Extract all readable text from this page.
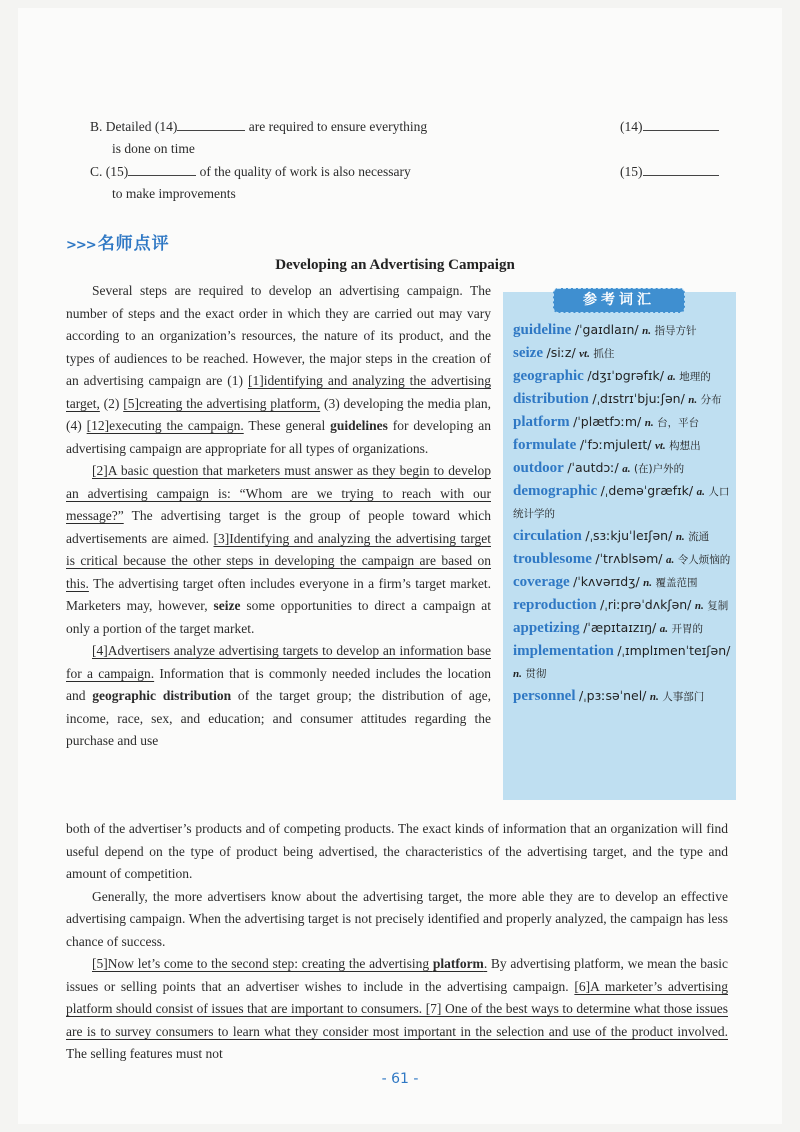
B. Detailed (14)	are required to ensure everything	(14)
is done on time
C. (15)	of the quality of work is also necessary	(15)
to make improvements
>>> 名师点评
Developing an Advertising Campaign

Several steps are required to develop an advertising campaign. The number of steps and the exact order in which they are carried out may vary according to an organization’s resources, the nature of its product, and the types of audiences to be reached. However, the major steps in the creation of an advertising campaign are (1) [1]identifying and analyzing the advertising target, (2) [5]creating the advertising platform, (3) developing the media plan, (4) [12]executing the campaign. These general guidelines for developing an advertising campaign are appropriate for all types of organizations.

[2]A basic question that marketers must answer as they begin to develop an advertising campaign is: “Whom are we trying to reach with our message?” The advertising target is the group of people toward which advertisements are aimed. [3]Identifying and analyzing the advertising target is critical because the other steps in developing the campaign are based on this. The advertising target often includes everyone in a firm’s target market. Marketers may, however, seize some opportunities to direct a campaign at only a portion of the target market.

[4]Advertisers analyze advertising targets to develop an information base for a campaign. Information that is commonly needed includes the location and geographic distribution of the target group; the distribution of age, income, race, sex, and education; and consumer attitudes regarding the purchase and use

参考词汇
guideline /ˈgaɪdlaɪn/ n. 指导方针
seize /siːz/ vt. 抓住
geographic /dʒɪˈɒgrəfɪk/ a. 地理的
distribution /ˌdɪstrɪˈbjuːʃən/ n. 分布
platform /ˈplætfɔːm/ n. 台，平台
formulate /ˈfɔːmjuleɪt/ vt. 构想出
outdoor /ˈautdɔː/ a. (在)户外的
demographic /ˌdeməˈgræfɪk/ a. 人口统计学的
circulation /ˌsɜːkjuˈleɪʃən/ n. 流通
troublesome /ˈtrʌblsəm/ a. 令人烦恼的
coverage /ˈkʌvərɪdʒ/ n. 覆盖范围
reproduction /ˌriːprəˈdʌkʃən/ n. 复制
appetizing /ˈæpɪtaɪzɪŋ/ a. 开胃的
implementation /ˌɪmplɪmenˈteɪʃən/ n. 贯彻
personnel /ˌpɜːsəˈnel/ n. 人事部门

both of the advertiser’s products and of competing products. The exact kinds of information that an organization will find useful depend on the type of product being advertised, the characteristics of the advertising target, and the type and amount of competition.

Generally, the more advertisers know about the advertising target, the more able they are to develop an effective advertising campaign. When the advertising target is not precisely identified and properly analyzed, the campaign has less chance of success.

[5]Now let’s come to the second step: creating the advertising platform. By advertising platform, we mean the basic issues or selling points that an advertiser wishes to include in the advertising campaign. [6]A marketer’s advertising platform should consist of issues that are important to consumers. [7] One of the best ways to determine what those issues are is to survey consumers to learn what they consider most important in the selection and use of the product involved. The selling features must not

- 61 -
